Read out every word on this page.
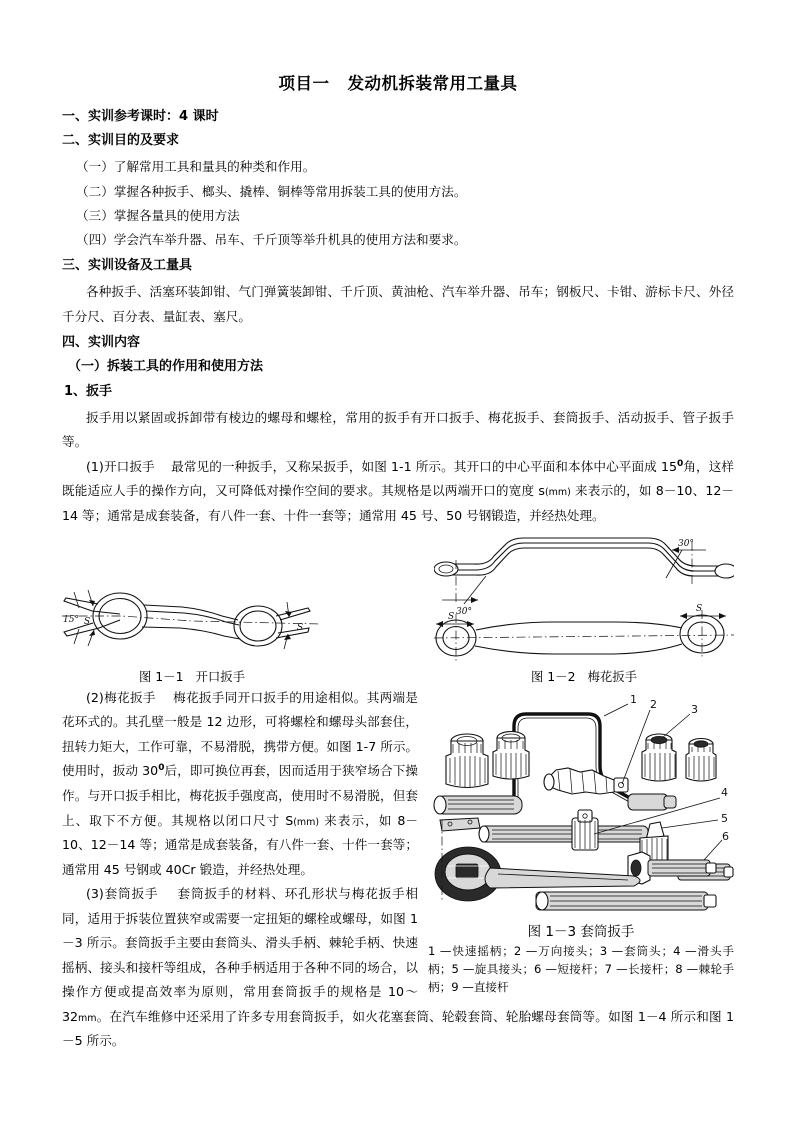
项目一 发动机拆装常用工量具
一、实训参考课时：4 课时
二、实训目的及要求

（一）了解常用工具和量具的种类和作用。

（二）掌握各种扳手、榔头、撬棒、铜棒等常用拆装工具的使用方法。

（三）掌握各量具的使用方法

（四）学会汽车举升器、吊车、千斤顶等举升机具的使用方法和要求。

三、实训设备及工量具

各种扳手、活塞环装卸钳、气门弹簧装卸钳、千斤顶、黄油枪、汽车举升器、吊车；钢板尺、卡钳、游标卡尺、外径千分尺、百分表、量缸表、塞尺。

四、实训内容
（一）拆装工具的作用和使用方法
1、扳手

扳手用以紧固或拆卸带有棱边的螺母和螺栓，常用的扳手有开口扳手、梅花扳手、套筒扳手、活动扳手、管子扳手等。

(1)开口扳手 最常见的一种扳手，又称呆扳手，如图 1-1 所示。其开口的中心平面和本体中心平面成 $15^0$角，这样既能适应人手的操作方向，又可降低对操作空间的要求。其规格是以两端开口的宽度 s(mm) 来表示的，如 8－10、12－14 等；通常是成套装备，有八件一套、十件一套等；通常用 45 号、50 号钢锻造，并经热处理。

15° S
S
图 1－1 开口扳手
30°
30°
S
S
图 1－2 梅花扳手
1 2	3
4
5
6
图 1－3 套筒扳手
1 —快速摇柄；2 —万向接头；3 —套筒头；4 —滑头手柄；5 —旋具接头；6 —短接杆；7 —长接杆；8 —棘轮手柄；9 —直接杆

(2)梅花扳手 梅花扳手同开口扳手的用途相似。其两端是花环式的。其孔壁一般是 12 边形，可将螺栓和螺母头部套住，扭转力矩大，工作可靠，不易滑脱，携带方便。如图 1-7 所示。使用时，扳动 $30^0$后，即可换位再套，因而适用于狭窄场合下操作。与开口扳手相比，梅花扳手强度高，使用时不易滑脱，但套上、取下不方便。其规格以闭口尺寸 S(mm) 来表示，如 8－10、12－14 等；通常是成套装备，有八件一套、十件一套等；通常用 45 号钢或 40Cr 锻造，并经热处理。

(3)套筒扳手 套筒扳手的材料、环孔形状与梅花扳手相同，适用于拆装位置狭窄或需要一定扭矩的螺栓或螺母，如图 1－3 所示。套筒扳手主要由套筒头、滑头手柄、棘轮手柄、快速摇柄、接头和接杆等组成，各种手柄适用于各种不同的场合，以操作方便或提高效率为原则，常用套筒扳手的规格是 10～32mm。在汽车维修中还采用了许多专用套筒扳手，如火花塞套筒、轮毂套筒、轮胎螺母套筒等。如图 1－4 所示和图 1－5 所示。
